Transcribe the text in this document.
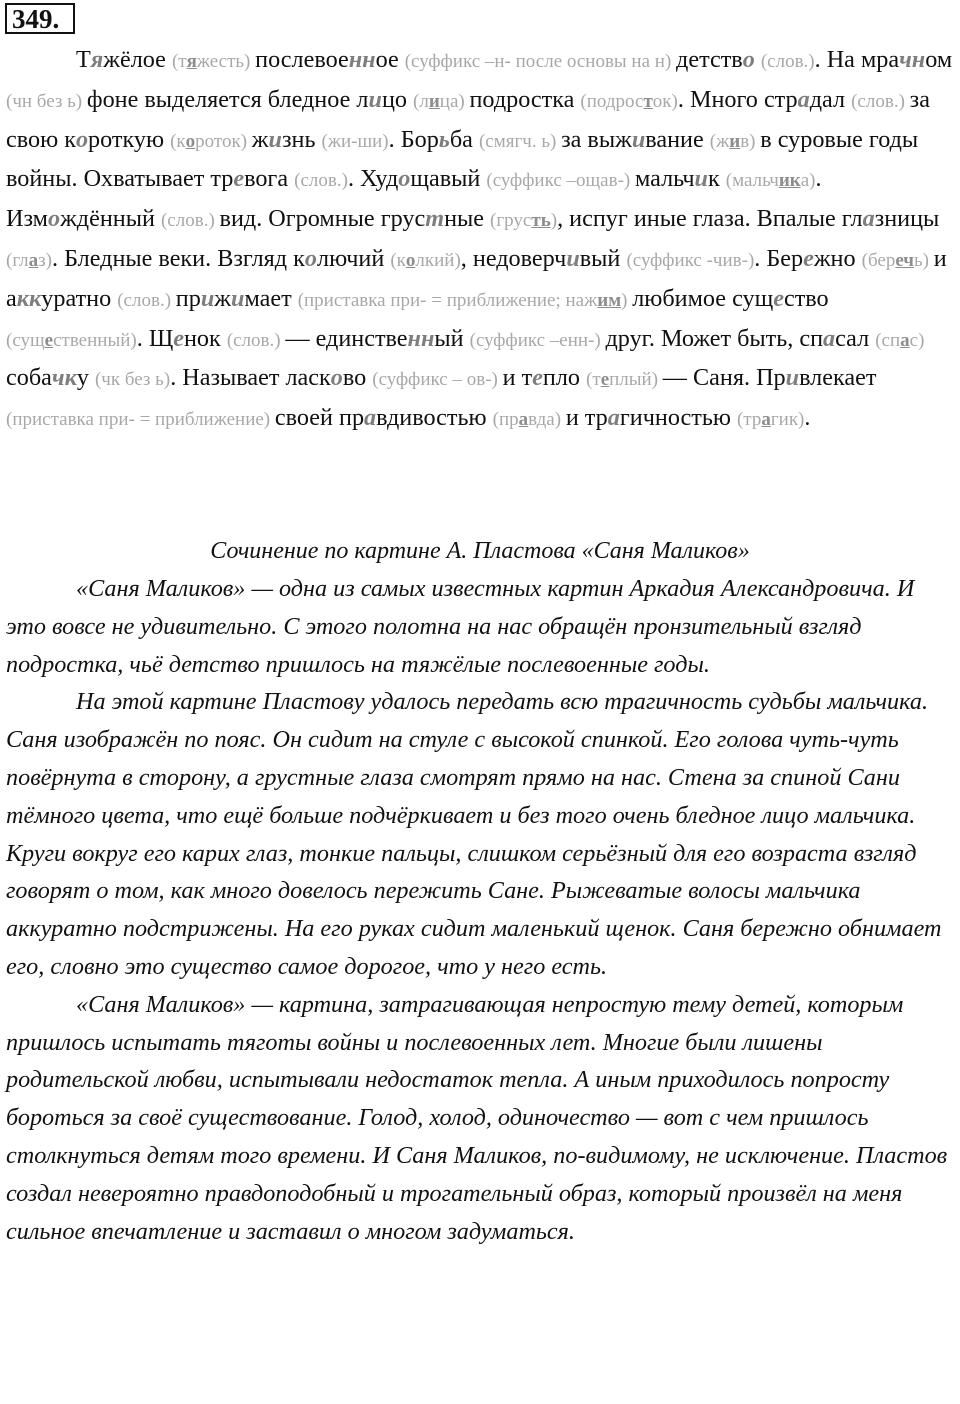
349.

Тяжёлое (тяжесть) послевоенное (суффикс –н- после основы на н) детство (слов.). На мрачном (чн без ь) фоне выделяется бледное лицо (лица) подростка (подросток). Много страдал (слов.) за свою короткую (короток) жизнь (жи-ши). Борьба (смягч. ь) за выживание (жив) в суровые годы войны. Охватывает тревога (слов.). Худощавый (суффикс –ощав-) мальчик (мальчика). Измождённый (слов.) вид. Огромные грустные (грусть), испуг иные глаза. Впалые глазницы (глаз). Бледные веки. Взгляд колючий (колкий), недоверчивый (суффикс -чив-). Бережно (беречь) и аккуратно (слов.) прижимает (приставка при- = приближение; нажим) любимое существо (существенный). Щенок (слов.) — единственный (суффикс –енн-) друг. Может быть, спасал (спас) собачку (чк без ь). Называет ласково (суффикс – ов-) и тепло (теплый) — Саня. Привлекает (приставка при- = приближение) своей правдивостью (правда) и трагичностью (трагик).

Сочинение по картине А. Пластова «Саня Маликов»

«Саня Маликов» — одна из самых известных картин Аркадия Александровича. И это вовсе не удивительно. С этого полотна на нас обращён пронзительный взгляд подростка, чьё детство пришлось на тяжёлые послевоенные годы.

На этой картине Пластову удалось передать всю трагичность судьбы мальчика. Саня изображён по пояс. Он сидит на стуле с высокой спинкой. Его голова чуть-чуть повёрнута в сторону, а грустные глаза смотрят прямо на нас. Стена за спиной Сани тёмного цвета, что ещё больше подчёркивает и без того очень бледное лицо мальчика. Круги вокруг его карих глаз, тонкие пальцы, слишком серьёзный для его возраста взгляд говорят о том, как много довелось пережить Сане. Рыжеватые волосы мальчика аккуратно подстрижены. На его руках сидит маленький щенок. Саня бережно обнимает его, словно это существо самое дорогое, что у него есть.

«Саня Маликов» — картина, затрагивающая непростую тему детей, которым пришлось испытать тяготы войны и послевоенных лет. Многие были лишены родительской любви, испытывали недостаток тепла. А иным приходилось попросту бороться за своё существование. Голод, холод, одиночество — вот с чем пришлось столкнуться детям того времени. И Саня Маликов, по-видимому, не исключение. Пластов создал невероятно правдоподобный и трогательный образ, который произвёл на меня сильное впечатление и заставил о многом задуматься.
